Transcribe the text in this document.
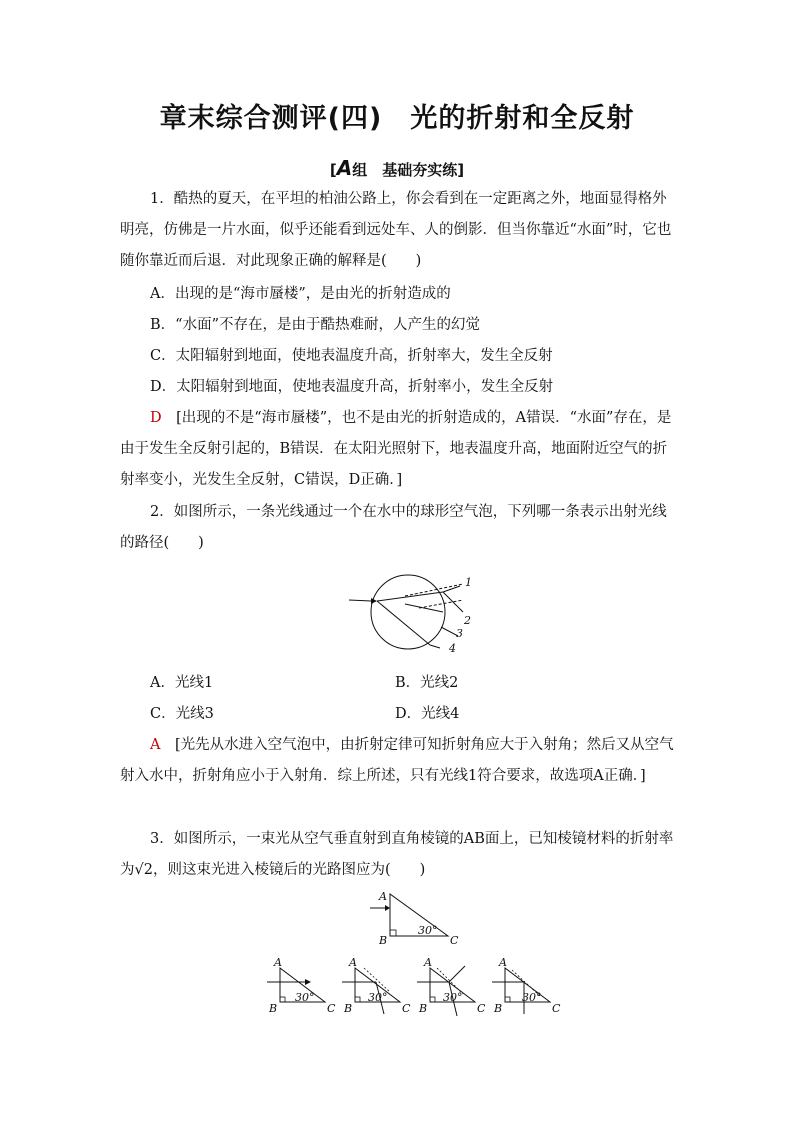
章末综合测评(四)　光的折射和全反射
[A组　基础夯实练]
1．酷热的夏天，在平坦的柏油公路上，你会看到在一定距离之外，地面显得格外明亮，仿佛是一片水面，似乎还能看到远处车、人的倒影．但当你靠近“水面”时，它也随你靠近而后退．对此现象正确的解释是(　　)
A．出现的是“海市蜃楼”，是由光的折射造成的
B．“水面”不存在，是由于酷热难耐，人产生的幻觉
C．太阳辐射到地面，使地表温度升高，折射率大，发生全反射
D．太阳辐射到地面，使地表温度升高，折射率小，发生全反射
D　 [出现的不是“海市蜃楼”，也不是由光的折射造成的，A错误．“水面”存在，是由于发生全反射引起的，B错误．在太阳光照射下，地表温度升高，地面附近空气的折射率变小，光发生全反射，C错误，D正确．]
2．如图所示，一条光线通过一个在水中的球形空气泡，下列哪一条表示出射光线的路径(　　)
1
2
3
4
A．光线1	B．光线2
C．光线3	D．光线4
A　 [光先从水进入空气泡中，由折射定律可知折射角应大于入射角；然后又从空气射入水中，折射角应小于入射角．综上所述，只有光线1符合要求，故选项A正确．]
3．如图所示，一束光从空气垂直射到直角棱镜的AB面上，已知棱镜材料的折射率为√2，则这束光进入棱镜后的光路图应为(　　)
A
B	C
30°
A
B	C
30°
A
B	C
30°
A
B	C
30°
A
B	C
30°
